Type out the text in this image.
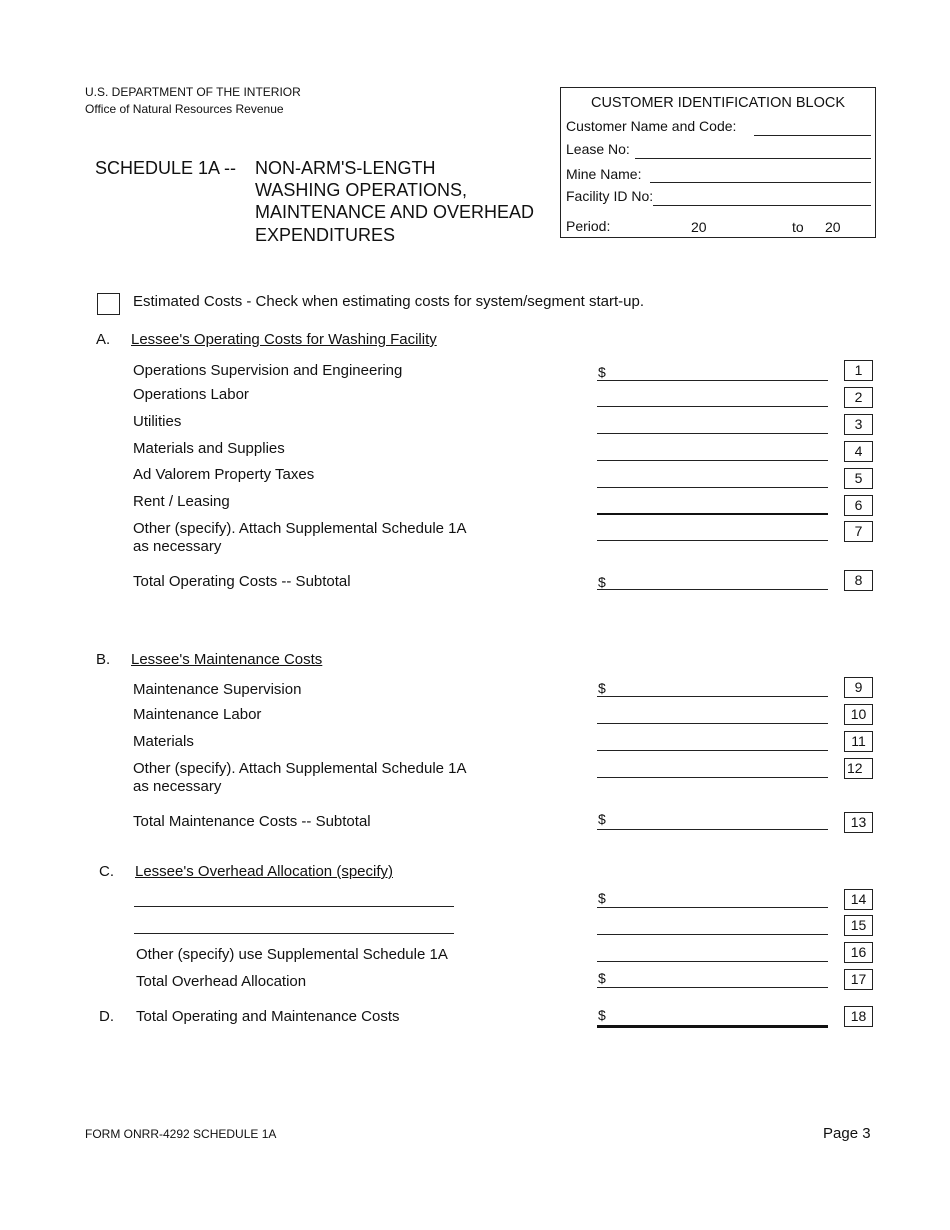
U.S. DEPARTMENT OF THE INTERIOR
Office of Natural Resources Revenue
SCHEDULE 1A -- NON-ARM'S-LENGTH
WASHING OPERATIONS,
MAINTENANCE AND OVERHEAD
EXPENDITURES
CUSTOMER IDENTIFICATION BLOCK
Customer Name and Code:
Lease No:
Mine Name:
Facility ID No:
Period:	20	to 20
Estimated Costs - Check when estimating costs for system/segment start-up.
A. Lessee's Operating Costs for Washing Facility
Operations Supervision and Engineering	$	1
Operations Labor	2
Utilities	3
Materials and Supplies	4
Ad Valorem Property Taxes	5
Rent / Leasing	6
Other (specify). Attach Supplemental Schedule 1A
as necessary
7
Total Operating Costs -- Subtotal	$	8
B. Lessee's Maintenance Costs
Maintenance Supervision	$	9
Maintenance Labor	10
Materials	11
Other (specify). Attach Supplemental Schedule 1A
as necessary
12
Total Maintenance Costs -- Subtotal	$	13
C. Lessee's Overhead Allocation (specify)
$	14
15
Other (specify) use Supplemental Schedule 1A	16
Total Overhead Allocation	$	17
D. Total Operating and Maintenance Costs	$	18
FORM ONRR-4292 SCHEDULE 1A	Page 3
